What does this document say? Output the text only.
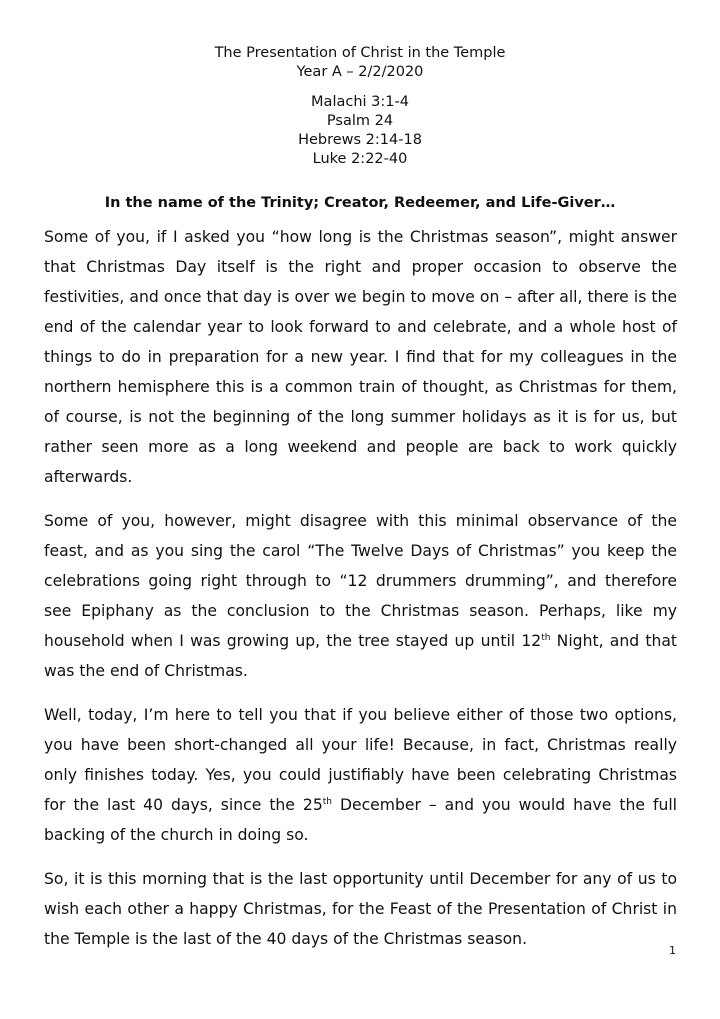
The Presentation of Christ in the Temple
Year A – 2/2/2020
Malachi 3:1-4
Psalm 24
Hebrews 2:14-18
Luke 2:22-40
In the name of the Trinity; Creator, Redeemer, and Life-Giver…

Some of you, if I asked you “how long is the Christmas season”, might answer that Christmas Day itself is the right and proper occasion to observe the festivities, and once that day is over we begin to move on – after all, there is the end of the calendar year to look forward to and celebrate, and a whole host of things to do in preparation for a new year. I find that for my colleagues in the northern hemisphere this is a common train of thought, as Christmas for them, of course, is not the beginning of the long summer holidays as it is for us, but rather seen more as a long weekend and people are back to work quickly afterwards.

Some of you, however, might disagree with this minimal observance of the feast, and as you sing the carol “The Twelve Days of Christmas” you keep the celebrations going right through to “12 drummers drumming”, and therefore see Epiphany as the conclusion to the Christmas season. Perhaps, like my household when I was growing up, the tree stayed up until 12th Night, and that was the end of Christmas.

Well, today, I’m here to tell you that if you believe either of those two options, you have been short-changed all your life! Because, in fact, Christmas really only finishes today. Yes, you could justifiably have been celebrating Christmas for the last 40 days, since the 25th December – and you would have the full backing of the church in doing so.

So, it is this morning that is the last opportunity until December for any of us to wish each other a happy Christmas, for the Feast of the Presentation of Christ in the Temple is the last of the 40 days of the Christmas season.

1
